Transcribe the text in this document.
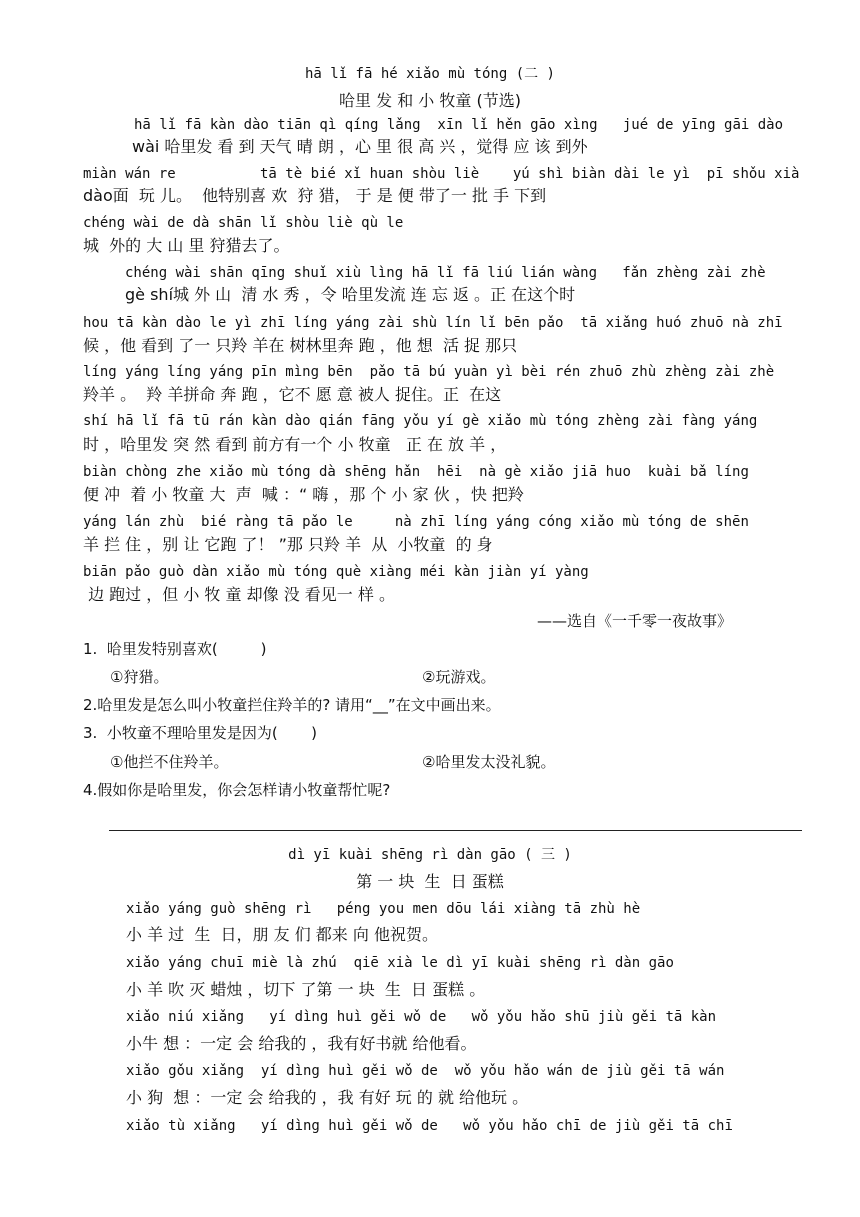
hā lǐ fā hé xiǎo mù tóng (二 )
哈里 发 和 小 牧童 (节选)
hā lǐ fā kàn dào tiān qì qíng lǎng  xīn lǐ hěn gāo xìng   jué de yīng gāi dào
wài 哈里发 看 到 天气 晴 朗 ，心 里 很 高 兴 ，觉得 应 该 到外
miàn wán re          tā tè bié xǐ huan shòu liè    yú shì biàn dài le yì  pī shǒu xià
dào面  玩 儿。  他特别喜 欢  狩 猎， 于 是 便 带了一 批 手 下到
chéng wài de dà shān lǐ shòu liè qù le
城  外的 大 山 里 狩猎去了。
chéng wài shān qīng shuǐ xiù lìng hā lǐ fā liú lián wàng   fǎn zhèng zài zhè
gè shí城 外 山  清 水 秀 ，令 哈里发流 连 忘 返 。正 在这个时
hou tā kàn dào le yì zhī líng yáng zài shù lín lǐ bēn pǎo  tā xiǎng huó zhuō nà zhī
候 ，他 看到 了一 只羚 羊在 树林里奔 跑 ，他 想  活 捉 那只
líng yáng líng yáng pīn mìng bēn  pǎo tā bú yuàn yì bèi rén zhuō zhù zhèng zài zhè
羚羊 。  羚 羊拼命 奔 跑 ，它不 愿 意 被人 捉住。正  在这
shí hā lǐ fā tū rán kàn dào qián fāng yǒu yí gè xiǎo mù tóng zhèng zài fàng yáng
时 ，哈里发 突 然 看到 前方有一个 小 牧童   正 在 放 羊 ，
biàn chòng zhe xiǎo mù tóng dà shēng hǎn  hēi  nà gè xiǎo jiā huo  kuài bǎ líng
便 冲  着 小 牧童 大  声  喊 ：“ 嗨 ，那 个 小 家 伙 ，快 把羚
yáng lán zhù  bié ràng tā pǎo le     nà zhī líng yáng cóng xiǎo mù tóng de shēn
羊 拦 住 ，别 让 它跑 了！ ”那 只羚 羊  从  小牧童  的 身
biān pǎo guò dàn xiǎo mù tóng què xiàng méi kàn jiàn yí yàng
边 跑过 ，但 小 牧 童 却像 没 看见一 样 。
——选自《一千零一夜故事》
1.  哈里发特别喜欢(         )
①狩猎。	②玩游戏。
2.哈里发是怎么叫小牧童拦住羚羊的? 请用“__”在文中画出来。
3.  小牧童不理哈里发是因为(       )
①他拦不住羚羊。	②哈里发太没礼貌。
4.假如你是哈里发，你会怎样请小牧童帮忙呢?
dì yī kuài shēng rì dàn gāo ( 三 )
第 一 块  生  日 蛋糕
xiǎo yáng guò shēng rì   péng you men dōu lái xiàng tā zhù hè
小 羊 过  生  日，朋 友 们 都来 向 他祝贺。
xiǎo yáng chuī miè là zhú  qiē xià le dì yī kuài shēng rì dàn gāo
小 羊 吹 灭 蜡烛 ，切下 了第 一 块  生  日 蛋糕 。
xiǎo niú xiǎng   yí dìng huì gěi wǒ de   wǒ yǒu hǎo shū jiù gěi tā kàn
小牛 想 ：一定 会 给我的 ，我有好书就 给他看。
xiǎo gǒu xiǎng  yí dìng huì gěi wǒ de  wǒ yǒu hǎo wán de jiù gěi tā wán
小 狗  想 ：一定 会 给我的 ，我 有好 玩 的 就 给他玩 。
xiǎo tù xiǎng   yí dìng huì gěi wǒ de   wǒ yǒu hǎo chī de jiù gěi tā chī
